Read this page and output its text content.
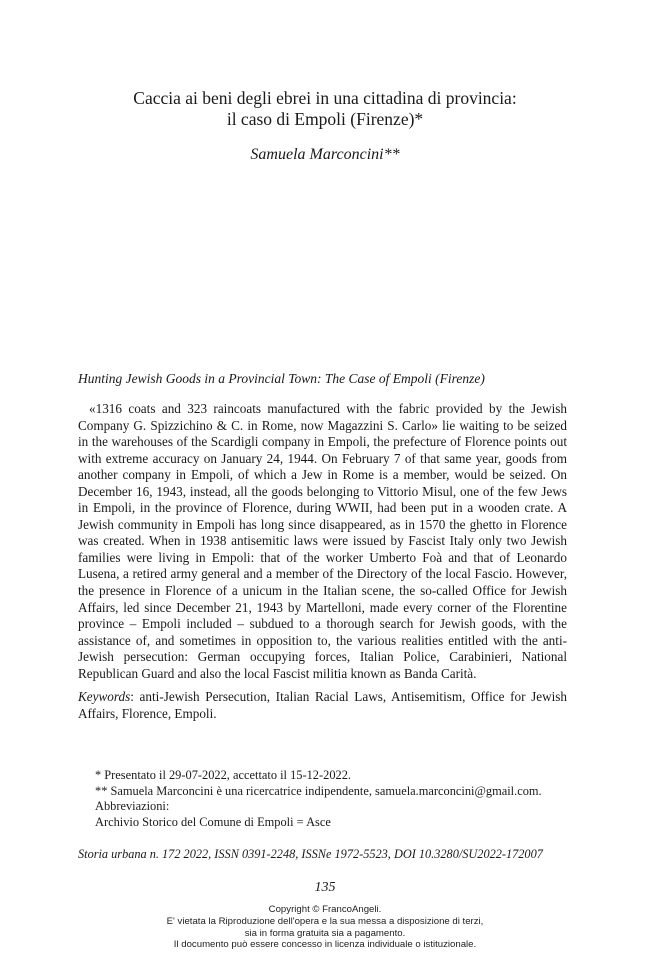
Caccia ai beni degli ebrei in una cittadina di provincia:
il caso di Empoli (Firenze)*
Samuela Marconcini**
Hunting Jewish Goods in a Provincial Town: The Case of Empoli (Firenze)

«1316 coats and 323 raincoats manufactured with the fabric provided by the Jewish Company G. Spizzichino & C. in Rome, now Magazzini S. Carlo» lie waiting to be seized in the warehouses of the Scardigli company in Empoli, the prefecture of Florence points out with extreme accuracy on January 24, 1944. On February 7 of that same year, goods from another company in Empoli, of which a Jew in Rome is a member, would be seized. On December 16, 1943, instead, all the goods belonging to Vittorio Misul, one of the few Jews in Empoli, in the province of Florence, during WWII, had been put in a wooden crate. A Jewish community in Empoli has long since disappeared, as in 1570 the ghetto in Florence was created. When in 1938 antisemitic laws were issued by Fascist Italy only two Jewish families were living in Empoli: that of the worker Umberto Foà and that of Leonardo Lusena, a retired army general and a member of the Directory of the local Fascio. However, the presence in Florence of a unicum in the Italian scene, the so-called Office for Jewish Affairs, led since December 21, 1943 by Martelloni, made every corner of the Florentine province – Empoli included – subdued to a thorough search for Jewish goods, with the assistance of, and sometimes in opposition to, the various realities entitled with the anti-Jewish persecution: German occupying forces, Italian Police, Carabinieri, National Republican Guard and also the local Fascist militia known as Banda Carità.

Keywords: anti-Jewish Persecution, Italian Racial Laws, Antisemitism, Office for Jewish Affairs, Florence, Empoli.

* Presentato il 29-07-2022, accettato il 15-12-2022.
** Samuela Marconcini è una ricercatrice indipendente, samuela.marconcini@gmail.com.
Abbreviazioni:
Archivio Storico del Comune di Empoli = Asce
Storia urbana n. 172 2022, ISSN 0391-2248, ISSNe 1972-5523, DOI 10.3280/SU2022-172007
135
Copyright © FrancoAngeli.
E' vietata la Riproduzione dell'opera e la sua messa a disposizione di terzi,
sia in forma gratuita sia a pagamento.
Il documento può essere concesso in licenza individuale o istituzionale.
